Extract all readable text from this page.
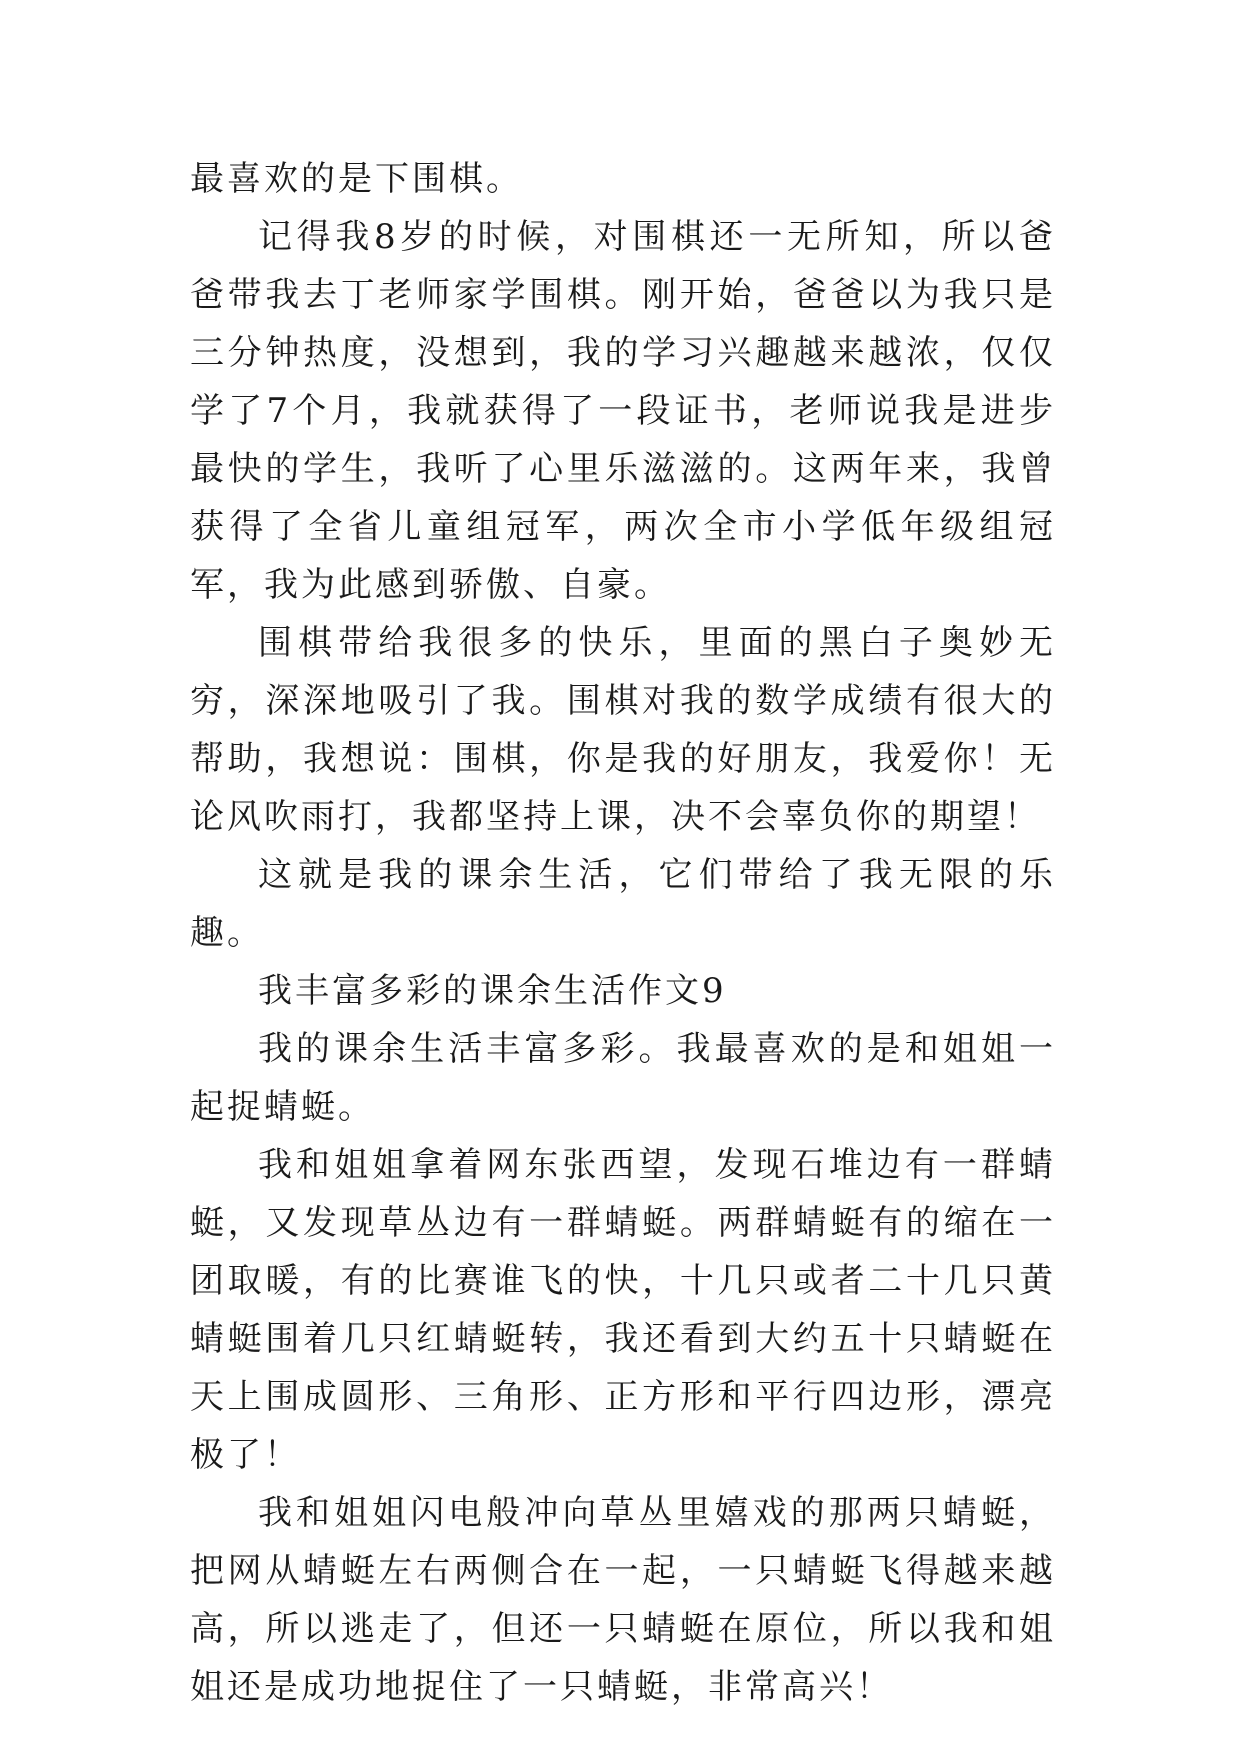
最喜欢的是下围棋。

记得我8岁的时候，对围棋还一无所知，所以爸爸带我去丁老师家学围棋。刚开始，爸爸以为我只是三分钟热度，没想到，我的学习兴趣越来越浓，仅仅学了7个月，我就获得了一段证书，老师说我是进步最快的学生，我听了心里乐滋滋的。这两年来，我曾获得了全省儿童组冠军，两次全市小学低年级组冠军，我为此感到骄傲、自豪。

围棋带给我很多的快乐，里面的黑白子奥妙无穷，深深地吸引了我。围棋对我的数学成绩有很大的帮助，我想说：围棋，你是我的好朋友，我爱你！无论风吹雨打，我都坚持上课，决不会辜负你的期望！

这就是我的课余生活，它们带给了我无限的乐趣。

我丰富多彩的课余生活作文9

我的课余生活丰富多彩。我最喜欢的是和姐姐一起捉蜻蜓。

我和姐姐拿着网东张西望，发现石堆边有一群蜻蜓，又发现草丛边有一群蜻蜓。两群蜻蜓有的缩在一团取暖，有的比赛谁飞的快，十几只或者二十几只黄蜻蜓围着几只红蜻蜓转，我还看到大约五十只蜻蜓在天上围成圆形、三角形、正方形和平行四边形，漂亮极了！

我和姐姐闪电般冲向草丛里嬉戏的那两只蜻蜓，把网从蜻蜓左右两侧合在一起，一只蜻蜓飞得越来越高，所以逃走了，但还一只蜻蜓在原位，所以我和姐姐还是成功地捉住了一只蜻蜓，非常高兴！
